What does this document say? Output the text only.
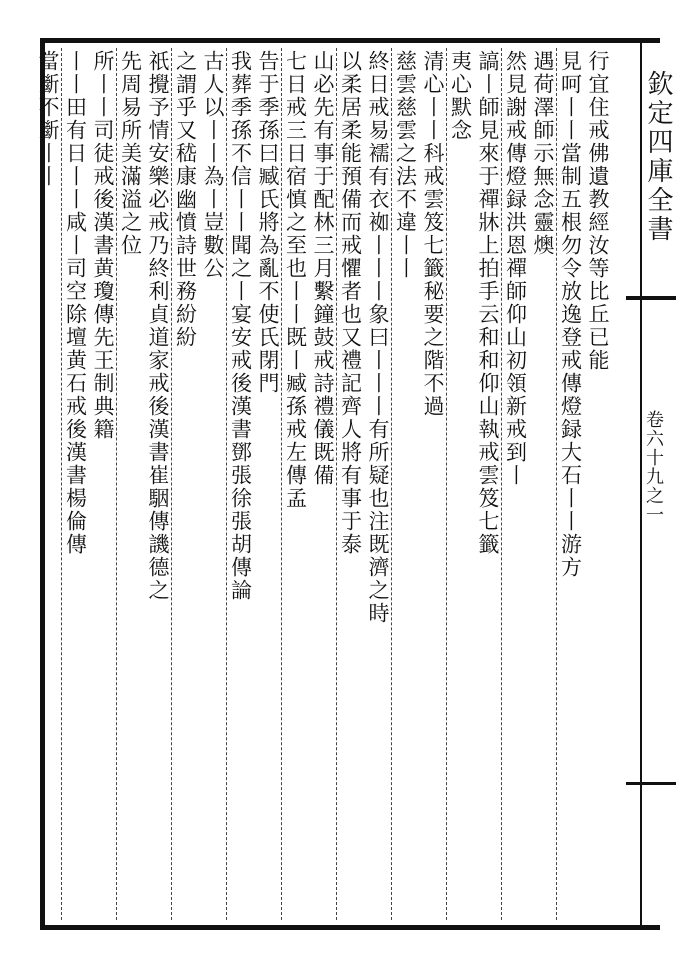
欽定四庫全書
卷六十九之一
行宜住戒佛遺教經汝等比丘已能
見呵丨丨當制五根勿令放逸登戒傳燈録大石丨丨游方
遇荷澤師示無念靈燠
然見謝戒傳燈録洪恩禪師仰山初領新戒到丨
謞丨師見來于禪牀上拍手云和和仰山執戒雲笈七籤
夷心默念
清心丨丨科戒雲笈七籤秘要之階不過
慈雲慈雲之法不違丨丨
終日戒易襦有衣袽丨丨丨象曰丨丨丨有所疑也注既濟之時
以柔居柔能預備而戒懼者也又禮記齊人將有事于泰
山必先有事于配林三月繫鐘鼓戒詩禮儀既備
七日戒三日宿慎之至也丨丨既丨臧孫戒左傳孟
告于季孫曰臧氏將為亂不使氏閉門
我葬季孫不信丨丨聞之丨宴安戒後漢書鄧張徐張胡傳論
古人以丨丨為丨豈數公
之謂乎又嵇康幽憤詩世務紛紛
祇攪予情安樂必戒乃終利貞道家戒後漢書崔駰傳譏德之
先周易所美滿溢之位
所丨丨司徒戒後漢書黄瓊傳先王制典籍
丨丨田有日丨丨咸丨司空除壇黄石戒後漢書楊倫傳
當斷不斷丨丨
